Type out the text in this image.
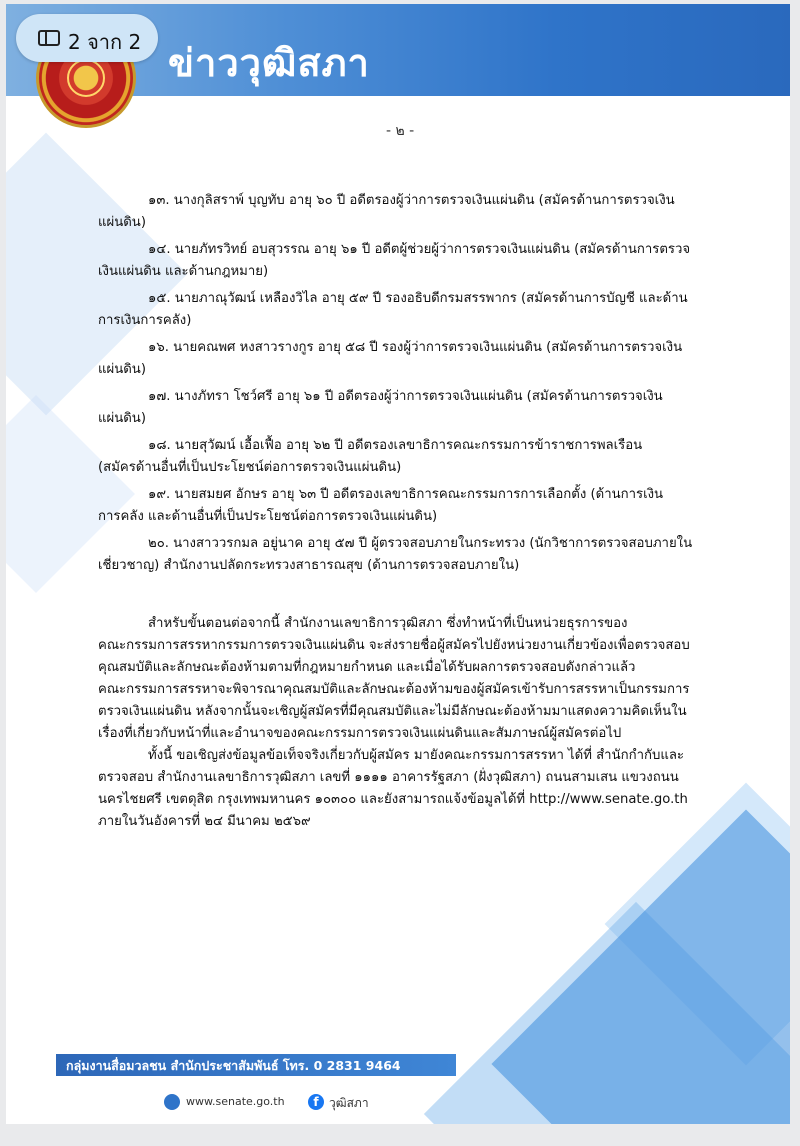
ข่าววุฒิสภา
- ๒ -
๑๓. นางกุลิสราพ์ บุญทับ อายุ ๖๐ ปี อดีตรองผู้ว่าการตรวจเงินแผ่นดิน (สมัครด้านการตรวจเงิน
แผ่นดิน)
๑๔. นายภัทรวิทย์ อบสุวรรณ อายุ ๖๑ ปี อดีตผู้ช่วยผู้ว่าการตรวจเงินแผ่นดิน (สมัครด้านการตรวจ
เงินแผ่นดิน และด้านกฎหมาย)
๑๕. นายภาณุวัฒน์ เหลืองวิไล อายุ ๕๙ ปี รองอธิบดีกรมสรรพากร (สมัครด้านการบัญชี และด้าน
การเงินการคลัง)
๑๖. นายคณพศ หงสาวรางกูร อายุ ๕๘ ปี รองผู้ว่าการตรวจเงินแผ่นดิน (สมัครด้านการตรวจเงิน
แผ่นดิน)
๑๗. นางภัทรา โชว์ศรี อายุ ๖๑ ปี อดีตรองผู้ว่าการตรวจเงินแผ่นดิน (สมัครด้านการตรวจเงิน
แผ่นดิน)
๑๘. นายสุวัฒน์ เอื้อเฟื้อ อายุ ๖๒ ปี อดีตรองเลขาธิการคณะกรรมการข้าราชการพลเรือน
(สมัครด้านอื่นที่เป็นประโยชน์ต่อการตรวจเงินแผ่นดิน)
๑๙. นายสมยศ อักษร อายุ ๖๓ ปี อดีตรองเลขาธิการคณะกรรมการการเลือกตั้ง (ด้านการเงิน
การคลัง และด้านอื่นที่เป็นประโยชน์ต่อการตรวจเงินแผ่นดิน)
๒๐. นางสาววรกมล อยู่นาค อายุ ๕๗ ปี ผู้ตรวจสอบภายในกระทรวง (นักวิชาการตรวจสอบภายใน
เชี่ยวชาญ) สำนักงานปลัดกระทรวงสาธารณสุข (ด้านการตรวจสอบภายใน)
สำหรับขั้นตอนต่อจากนี้ สำนักงานเลขาธิการวุฒิสภา ซึ่งทำหน้าที่เป็นหน่วยธุรการของ
คณะกรรมการสรรหากรรมการตรวจเงินแผ่นดิน จะส่งรายชื่อผู้สมัครไปยังหน่วยงานเกี่ยวข้องเพื่อตรวจสอบ
คุณสมบัติและลักษณะต้องห้ามตามที่กฎหมายกำหนด และเมื่อได้รับผลการตรวจสอบดังกล่าวแล้ว
คณะกรรมการสรรหาจะพิจารณาคุณสมบัติและลักษณะต้องห้ามของผู้สมัครเข้ารับการสรรหาเป็นกรรมการ
ตรวจเงินแผ่นดิน หลังจากนั้นจะเชิญผู้สมัครที่มีคุณสมบัติและไม่มีลักษณะต้องห้ามมาแสดงความคิดเห็นใน
เรื่องที่เกี่ยวกับหน้าที่และอำนาจของคณะกรรมการตรวจเงินแผ่นดินและสัมภาษณ์ผู้สมัครต่อไป
ทั้งนี้ ขอเชิญส่งข้อมูลข้อเท็จจริงเกี่ยวกับผู้สมัคร มายังคณะกรรมการสรรหา ได้ที่ สำนักกำกับและ
ตรวจสอบ สำนักงานเลขาธิการวุฒิสภา เลขที่ ๑๑๑๑ อาคารรัฐสภา (ฝั่งวุฒิสภา) ถนนสามเสน แขวงถนน
นครไชยศรี เขตดุสิต กรุงเทพมหานคร ๑๐๓๐๐ และยังสามารถแจ้งข้อมูลได้ที่ http://www.senate.go.th
ภายในวันอังคารที่ ๒๔ มีนาคม ๒๕๖๙
กลุ่มงานสื่อมวลชน สำนักประชาสัมพันธ์ โทร. 0 2831 9464
www.senate.go.th	f วุฒิสภา
2 จาก 2
